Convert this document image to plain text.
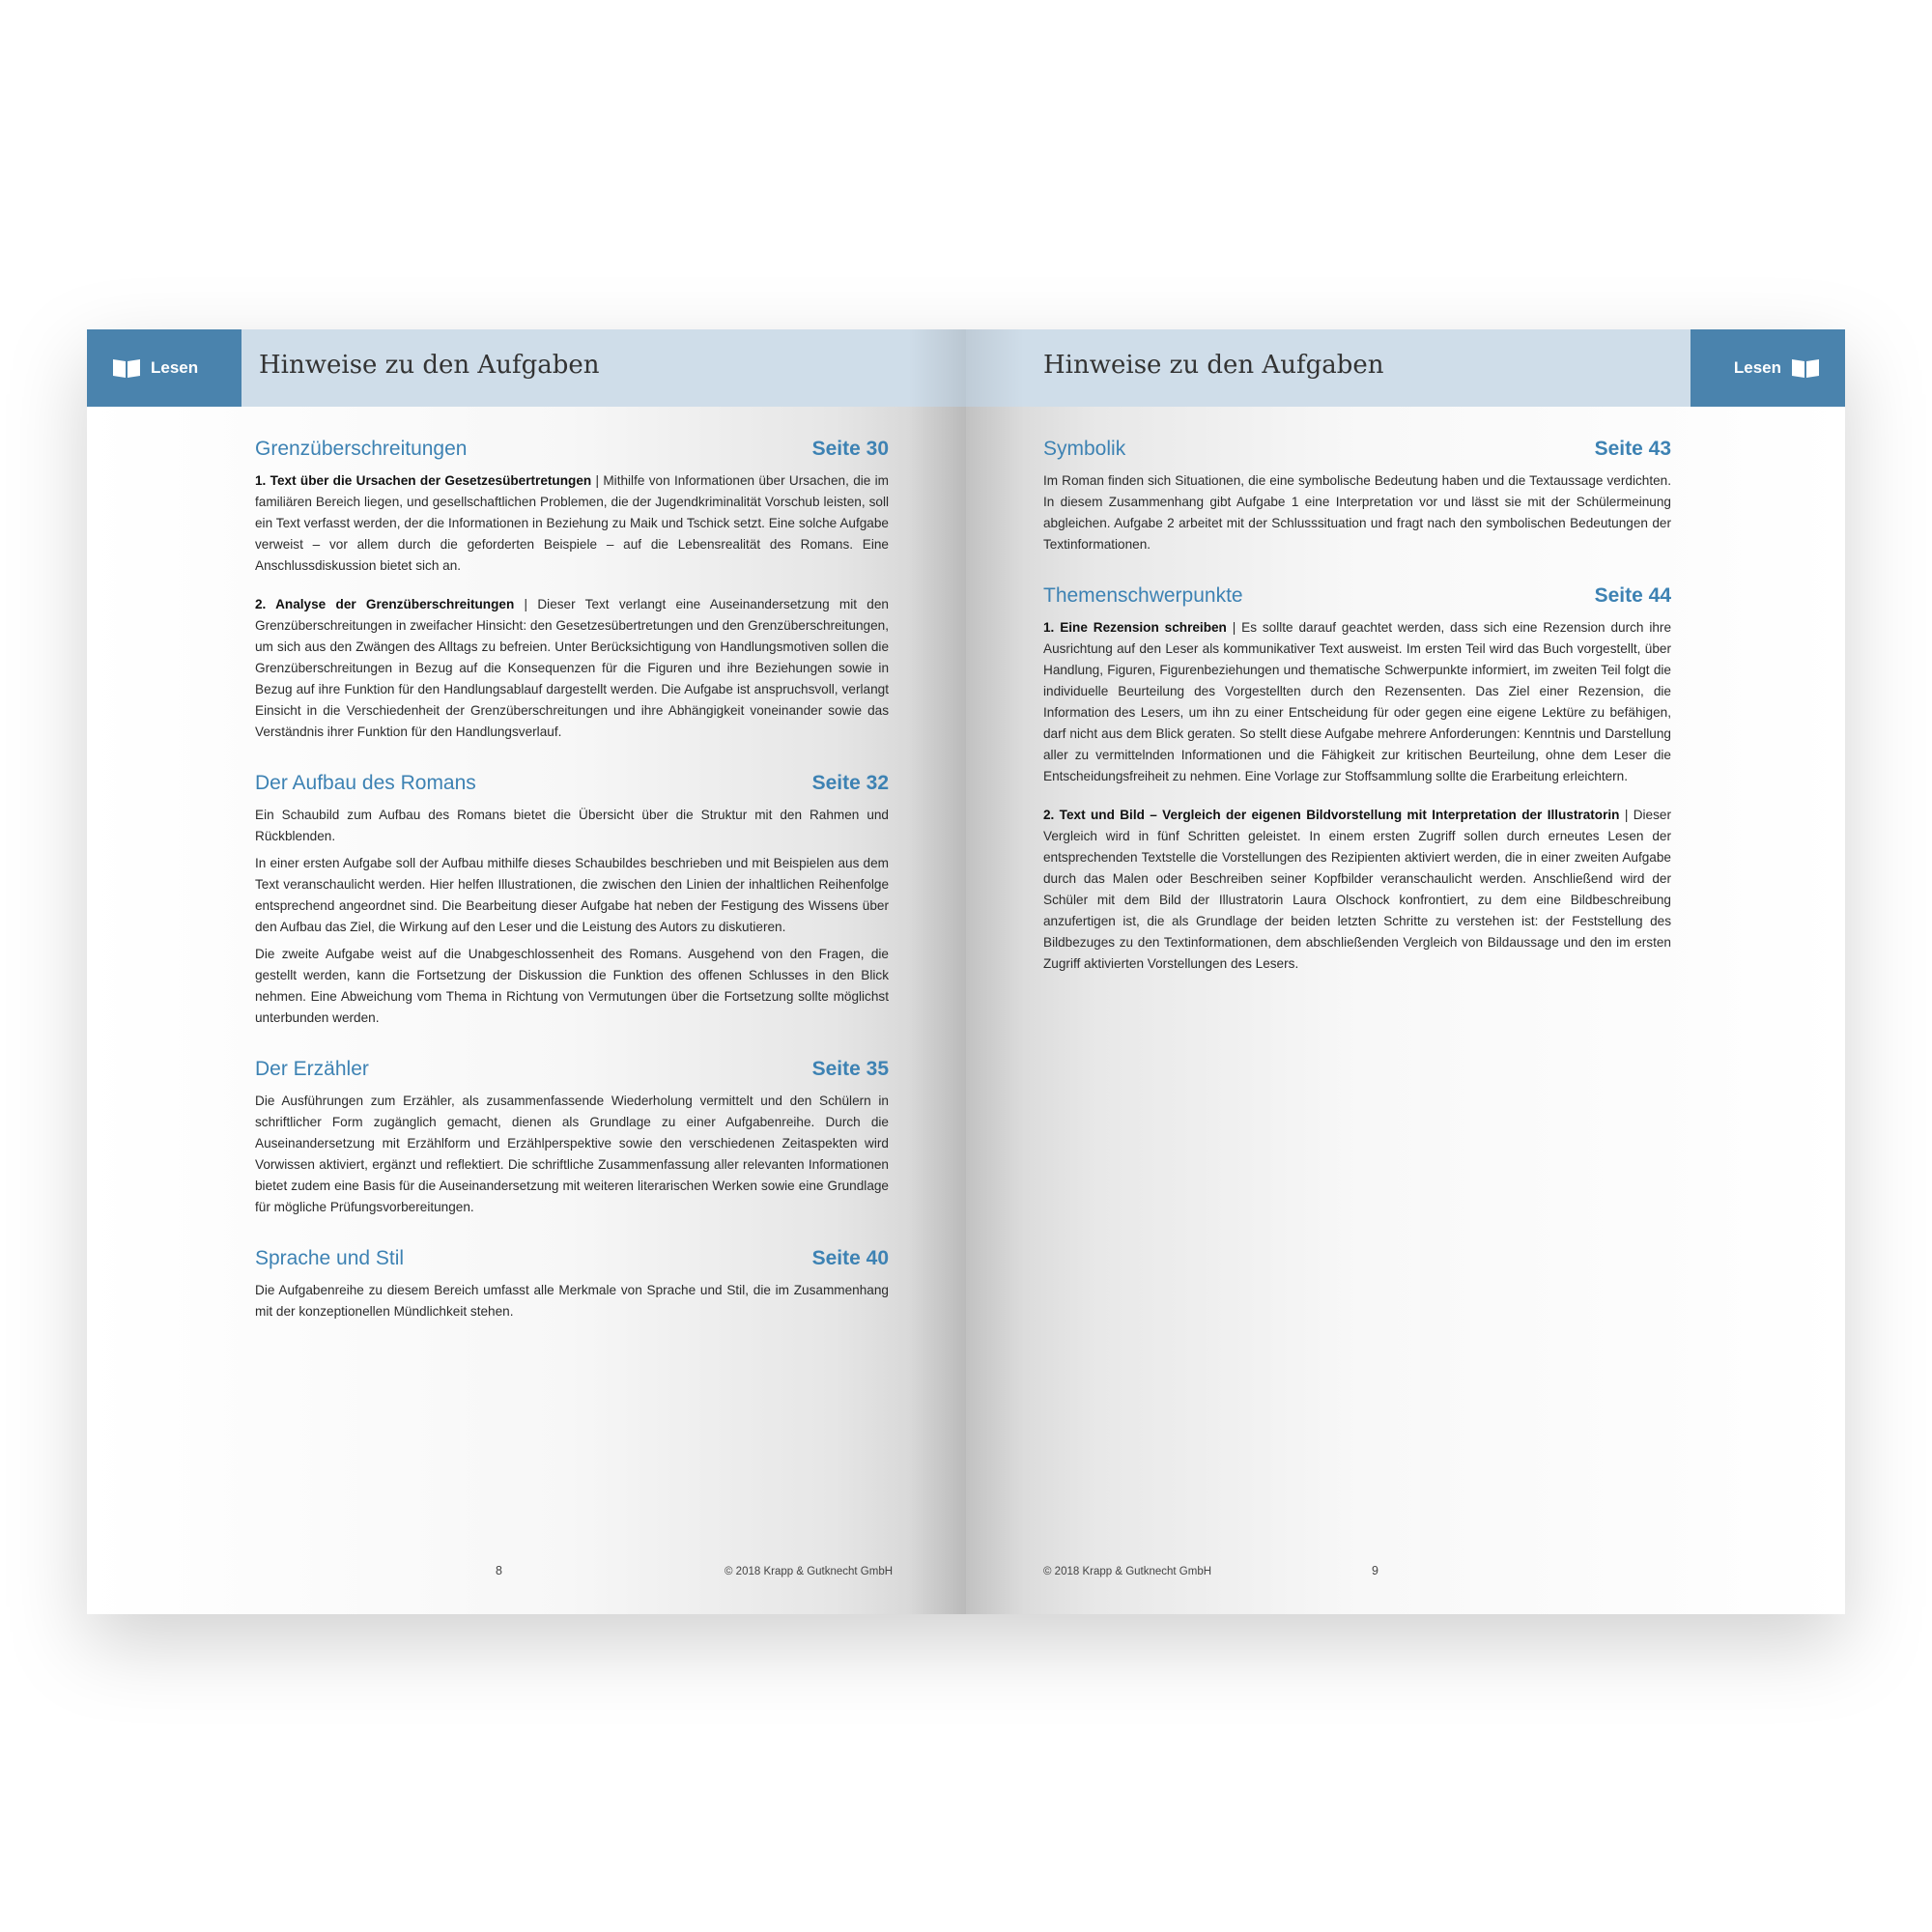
Lesen Hinweise zu den Aufgaben
Grenzüberschreitungen	Seite 30

1. Text über die Ursachen der Gesetzesübertretungen | Mithilfe von Informationen über Ursachen, die im familiären Bereich liegen, und gesellschaftlichen Problemen, die der Jugendkriminalität Vorschub leisten, soll ein Text verfasst werden, der die Informationen in Beziehung zu Maik und Tschick setzt. Eine solche Aufgabe verweist – vor allem durch die geforderten Beispiele – auf die Lebensrealität des Romans. Eine Anschlussdiskussion bietet sich an.

2. Analyse der Grenzüberschreitungen | Dieser Text verlangt eine Auseinandersetzung mit den Grenzüberschreitungen in zweifacher Hinsicht: den Gesetzesübertretungen und den Grenzüberschreitungen, um sich aus den Zwängen des Alltags zu befreien. Unter Berücksichtigung von Handlungsmotiven sollen die Grenzüberschreitungen in Bezug auf die Konsequenzen für die Figuren und ihre Beziehungen sowie in Bezug auf ihre Funktion für den Handlungsablauf dargestellt werden. Die Aufgabe ist anspruchsvoll, verlangt Einsicht in die Verschiedenheit der Grenzüberschreitungen und ihre Abhängigkeit voneinander sowie das Verständnis ihrer Funktion für den Handlungsverlauf.

Der Aufbau des Romans	Seite 32

Ein Schaubild zum Aufbau des Romans bietet die Übersicht über die Struktur mit den Rahmen und Rückblenden.

In einer ersten Aufgabe soll der Aufbau mithilfe dieses Schaubildes beschrieben und mit Beispielen aus dem Text veranschaulicht werden. Hier helfen Illustrationen, die zwischen den Linien der inhaltlichen Reihenfolge entsprechend angeordnet sind. Die Bearbeitung dieser Aufgabe hat neben der Festigung des Wissens über den Aufbau das Ziel, die Wirkung auf den Leser und die Leistung des Autors zu diskutieren.

Die zweite Aufgabe weist auf die Unabgeschlossenheit des Romans. Ausgehend von den Fragen, die gestellt werden, kann die Fortsetzung der Diskussion die Funktion des offenen Schlusses in den Blick nehmen. Eine Abweichung vom Thema in Richtung von Vermutungen über die Fortsetzung sollte möglichst unterbunden werden.

Der Erzähler	Seite 35

Die Ausführungen zum Erzähler, als zusammenfassende Wiederholung vermittelt und den Schülern in schriftlicher Form zugänglich gemacht, dienen als Grundlage zu einer Aufgabenreihe. Durch die Auseinandersetzung mit Erzählform und Erzählperspektive sowie den verschiedenen Zeitaspekten wird Vorwissen aktiviert, ergänzt und reflektiert. Die schriftliche Zusammenfassung aller relevanten Informationen bietet zudem eine Basis für die Auseinandersetzung mit weiteren literarischen Werken sowie eine Grundlage für mögliche Prüfungsvorbereitungen.

Sprache und Stil	Seite 40

Die Aufgabenreihe zu diesem Bereich umfasst alle Merkmale von Sprache und Stil, die im Zusammenhang mit der konzeptionellen Mündlichkeit stehen.

8	© 2018 Krapp & Gutknecht GmbH
Lesen
Hinweise zu den Aufgaben
Symbolik	Seite 43

Im Roman finden sich Situationen, die eine symbolische Bedeutung haben und die Textaussage verdichten. In diesem Zusammenhang gibt Aufgabe 1 eine Interpretation vor und lässt sie mit der Schülermeinung abgleichen. Aufgabe 2 arbeitet mit der Schlusssituation und fragt nach den symbolischen Bedeutungen der Textinformationen.

Themenschwerpunkte	Seite 44

1. Eine Rezension schreiben | Es sollte darauf geachtet werden, dass sich eine Rezension durch ihre Ausrichtung auf den Leser als kommunikativer Text ausweist. Im ersten Teil wird das Buch vorgestellt, über Handlung, Figuren, Figurenbeziehungen und thematische Schwerpunkte informiert, im zweiten Teil folgt die individuelle Beurteilung des Vorgestellten durch den Rezensenten. Das Ziel einer Rezension, die Information des Lesers, um ihn zu einer Entscheidung für oder gegen eine eigene Lektüre zu befähigen, darf nicht aus dem Blick geraten. So stellt diese Aufgabe mehrere Anforderungen: Kenntnis und Darstellung aller zu vermittelnden Informationen und die Fähigkeit zur kritischen Beurteilung, ohne dem Leser die Entscheidungsfreiheit zu nehmen. Eine Vorlage zur Stoffsammlung sollte die Erarbeitung erleichtern.

2. Text und Bild – Vergleich der eigenen Bildvorstellung mit Interpretation der Illustratorin | Dieser Vergleich wird in fünf Schritten geleistet. In einem ersten Zugriff sollen durch erneutes Lesen der entsprechenden Textstelle die Vorstellungen des Rezipienten aktiviert werden, die in einer zweiten Aufgabe durch das Malen oder Beschreiben seiner Kopfbilder veranschaulicht werden. Anschließend wird der Schüler mit dem Bild der Illustratorin Laura Olschock konfrontiert, zu dem eine Bildbeschreibung anzufertigen ist, die als Grundlage der beiden letzten Schritte zu verstehen ist: der Feststellung des Bildbezuges zu den Textinformationen, dem abschließenden Vergleich von Bildaussage und den im ersten Zugriff aktivierten Vorstellungen des Lesers.

© 2018 Krapp & Gutknecht GmbH	9
